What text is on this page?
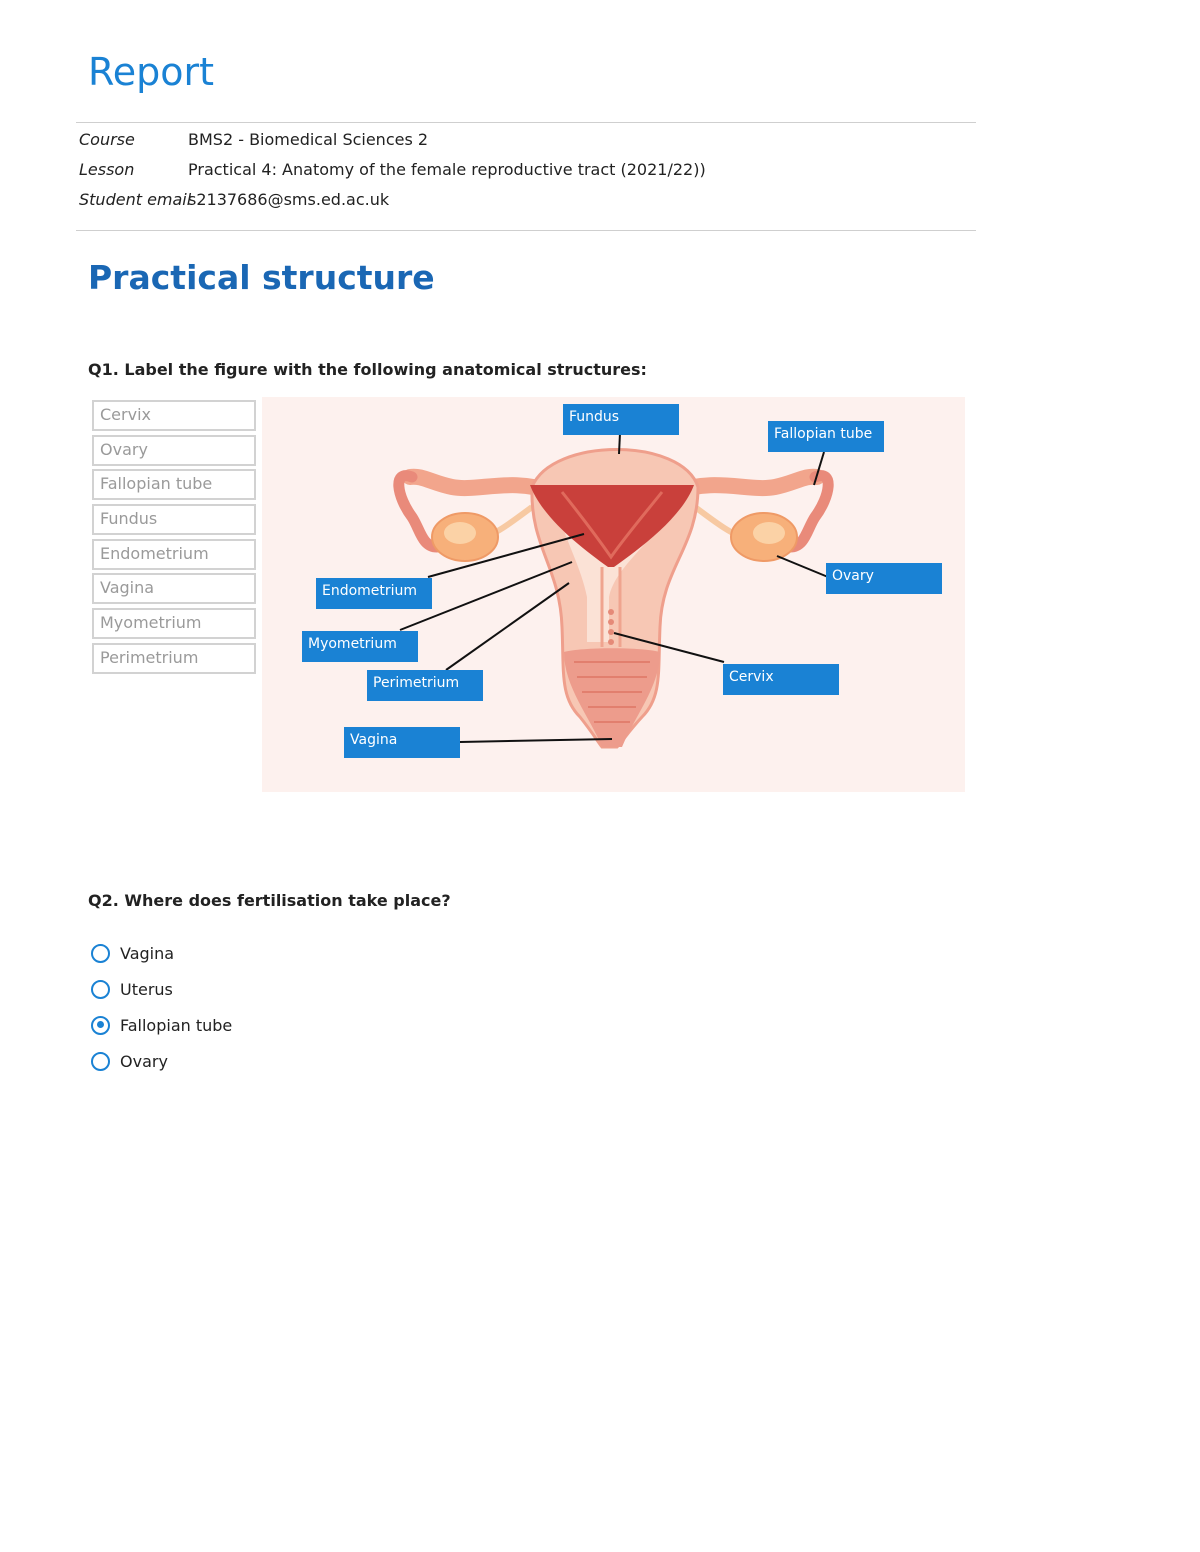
Report
Course	BMS2 - Biomedical Sciences 2
Lesson	Practical 4: Anatomy of the female reproductive tract (2021/22))
Student email
s2137686@sms.ed.ac.uk
Practical structure
Q1. Label the figure with the following anatomical structures:
Cervix
Ovary
Fallopian tube
Fundus
Endometrium
Vagina
Myometrium
Perimetrium
Fundus
Fallopian tube
Ovary
Endometrium
Myometrium
Perimetrium	Cervix
Vagina
Q2. Where does fertilisation take place?
Vagina
Uterus
Fallopian tube
Ovary
